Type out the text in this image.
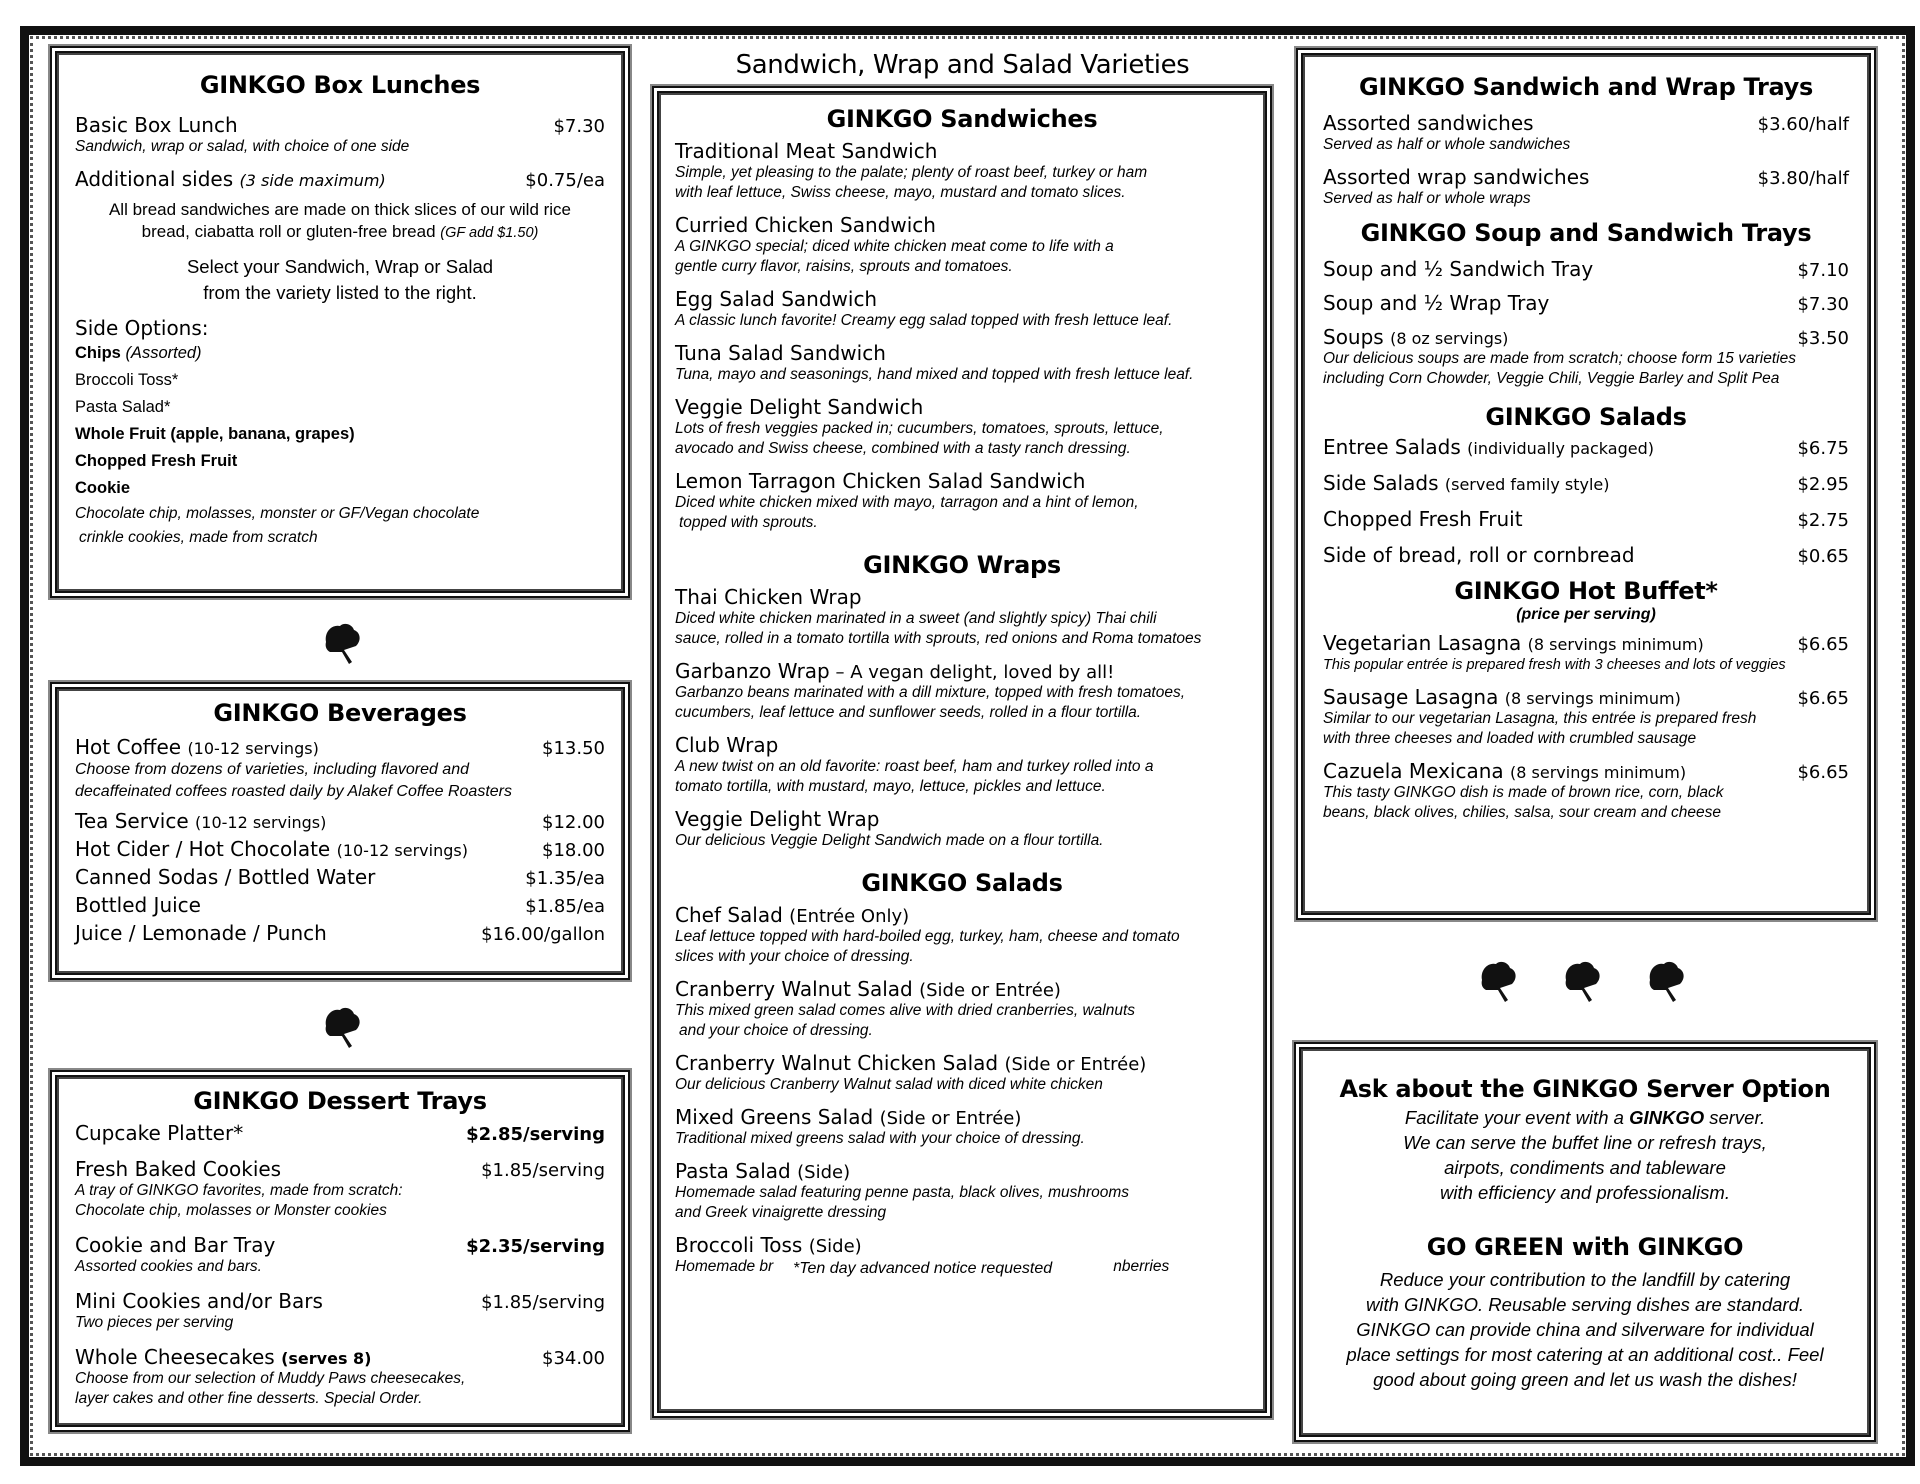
GINKGO Box Lunches
Basic Box Lunch	$7.30
Sandwich, wrap or salad, with choice of one side
Additional sides (3 side maximum)	$0.75/ea
All bread sandwiches are made on thick slices of our wild rice
bread, ciabatta roll or gluten-free bread (GF add $1.50)
Select your Sandwich, Wrap or Salad
from the variety listed to the right.
Side Options:
Chips (Assorted)
Broccoli Toss*
Pasta Salad*
Whole Fruit (apple, banana, grapes)
Chopped Fresh Fruit
Cookie
Chocolate chip, molasses, monster or GF/Vegan chocolate
crinkle cookies, made from scratch
GINKGO Beverages
Hot Coffee (10-12 servings)	$13.50
Choose from dozens of varieties, including flavored and
decaffeinated coffees roasted daily by Alakef Coffee Roasters
Tea Service (10-12 servings)	$12.00
Hot Cider / Hot Chocolate (10-12 servings)	$18.00
Canned Sodas / Bottled Water	$1.35/ea
Bottled Juice	$1.85/ea
Juice / Lemonade / Punch	$16.00/gallon
GINKGO Dessert Trays
Cupcake Platter*	$2.85/serving
Fresh Baked Cookies	$1.85/serving
A tray of GINKGO favorites, made from scratch:
Chocolate chip, molasses or Monster cookies
Cookie and Bar Tray	$2.35/serving
Assorted cookies and bars.
Mini Cookies and/or Bars	$1.85/serving
Two pieces per serving
Whole Cheesecakes (serves 8)	$34.00
Choose from our selection of Muddy Paws cheesecakes,
layer cakes and other fine desserts. Special Order.
Sandwich, Wrap and Salad Varieties
GINKGO Sandwiches
Traditional Meat Sandwich
Simple, yet pleasing to the palate; plenty of roast beef, turkey or ham
with leaf lettuce, Swiss cheese, mayo, mustard and tomato slices.
Curried Chicken Sandwich
A GINKGO special; diced white chicken meat come to life with a
gentle curry flavor, raisins, sprouts and tomatoes.
Egg Salad Sandwich
A classic lunch favorite! Creamy egg salad topped with fresh lettuce leaf.
Tuna Salad Sandwich
Tuna, mayo and seasonings, hand mixed and topped with fresh lettuce leaf.
Veggie Delight Sandwich
Lots of fresh veggies packed in; cucumbers, tomatoes, sprouts, lettuce,
avocado and Swiss cheese, combined with a tasty ranch dressing.
Lemon Tarragon Chicken Salad Sandwich
Diced white chicken mixed with mayo, tarragon and a hint of lemon,
topped with sprouts.
GINKGO Wraps
Thai Chicken Wrap
Diced white chicken marinated in a sweet (and slightly spicy) Thai chili
sauce, rolled in a tomato tortilla with sprouts, red onions and Roma tomatoes
Garbanzo Wrap – A vegan delight, loved by all!
Garbanzo beans marinated with a dill mixture, topped with fresh tomatoes,
cucumbers, leaf lettuce and sunflower seeds, rolled in a flour tortilla.
Club Wrap
A new twist on an old favorite: roast beef, ham and turkey rolled into a
tomato tortilla, with mustard, mayo, lettuce, pickles and lettuce.
Veggie Delight Wrap
Our delicious Veggie Delight Sandwich made on a flour tortilla.
GINKGO Salads
Chef Salad (Entrée Only)
Leaf lettuce topped with hard-boiled egg, turkey, ham, cheese and tomato
slices with your choice of dressing.
Cranberry Walnut Salad (Side or Entrée)
This mixed green salad comes alive with dried cranberries, walnuts
and your choice of dressing.
Cranberry Walnut Chicken Salad (Side or Entrée)
Our delicious Cranberry Walnut salad with diced white chicken
Mixed Greens Salad (Side or Entrée)
Traditional mixed greens salad with your choice of dressing.
Pasta Salad (Side)
Homemade salad featuring penne pasta, black olives, mushrooms
and Greek vinaigrette dressing
Broccoli Toss (Side)
Homemade br	nberries
*Ten day advanced notice requested
GINKGO Sandwich and Wrap Trays
Assorted sandwiches	$3.60/half
Served as half or whole sandwiches
Assorted wrap sandwiches	$3.80/half
Served as half or whole wraps
GINKGO Soup and Sandwich Trays
Soup and ½ Sandwich Tray	$7.10
Soup and ½ Wrap Tray	$7.30
Soups (8 oz servings)	$3.50
Our delicious soups are made from scratch; choose form 15 varieties
including Corn Chowder, Veggie Chili, Veggie Barley and Split Pea
GINKGO Salads
Entree Salads (individually packaged)	$6.75
Side Salads (served family style)	$2.95
Chopped Fresh Fruit	$2.75
Side of bread, roll or cornbread	$0.65
GINKGO Hot Buffet*
(price per serving)
Vegetarian Lasagna (8 servings minimum)	$6.65
This popular entrée is prepared fresh with 3 cheeses and lots of veggies
Sausage Lasagna (8 servings minimum)	$6.65
Similar to our vegetarian Lasagna, this entrée is prepared fresh
with three cheeses and loaded with crumbled sausage
Cazuela Mexicana (8 servings minimum)	$6.65
This tasty GINKGO dish is made of brown rice, corn, black
beans, black olives, chilies, salsa, sour cream and cheese
Ask about the GINKGO Server Option
Facilitate your event with a GINKGO server.
We can serve the buffet line or refresh trays,
airpots, condiments and tableware
with efficiency and professionalism.
GO GREEN with GINKGO
Reduce your contribution to the landfill by catering
with GINKGO. Reusable serving dishes are standard.
GINKGO can provide china and silverware for individual
place settings for most catering at an additional cost.. Feel
good about going green and let us wash the dishes!
